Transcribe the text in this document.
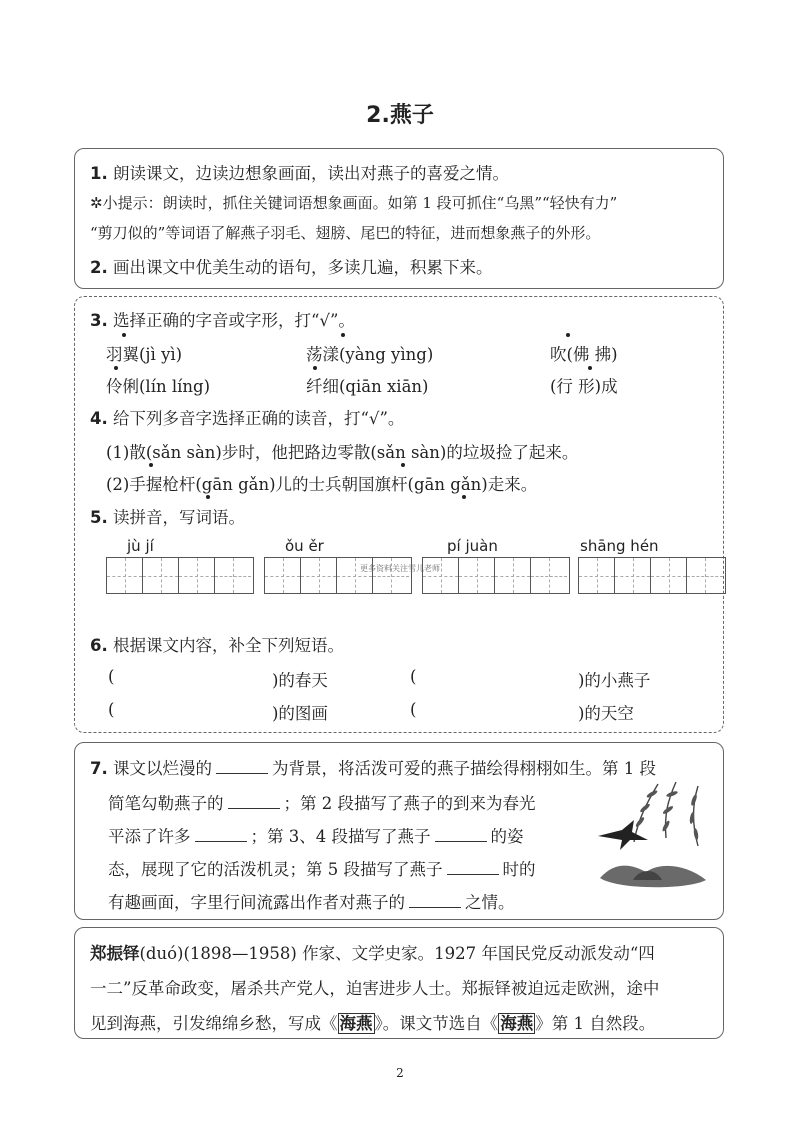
2.燕子
1. 朗读课文，边读边想象画面，读出对燕子的喜爱之情。
✲小提示：朗读时，抓住关键词语想象画面。如第 1 段可抓住“乌黑”“轻快有力”
“剪刀似的”等词语了解燕子羽毛、翅膀、尾巴的特征，进而想象燕子的外形。
2. 画出课文中优美生动的语句，多读几遍，积累下来。
3. 选择正确的字音或字形，打“√”。
羽翼(jì yì)	荡漾(yàng yìng)	吹(佛 拂)
伶俐(lín líng)	纤细(qiān xiān)	(行 形)成
4. 给下列多音字选择正确的读音，打“√”。
(1)散(sǎn sàn)步时，他把路边零散(sǎn sàn)的垃圾捡了起来。
(2)手握枪杆(gān gǎn)儿的士兵朝国旗杆(gān gǎn)走来。
5. 读拼音，写词语。
jù jí	ǒu ěr	pí juàn	shāng hén
更多资料关注雪儿老师
6. 根据课文内容，补全下列短语。
(	)的春天	(	)的小燕子
(	)的图画	(	)的天空
7. 课文以烂漫的	为背景，将活泼可爱的燕子描绘得栩栩如生。第 1 段
简笔勾勒燕子的	；第 2 段描写了燕子的到来为春光
平添了许多	；第 3、4 段描写了燕子	的姿
态，展现了它的活泼机灵；第 5 段描写了燕子	时的
有趣画面，字里行间流露出作者对燕子的	之情。
郑振铎(duó)(1898—1958) 作家、文学史家。1927 年国民党反动派发动“四
一二”反革命政变，屠杀共产党人，迫害进步人士。郑振铎被迫远走欧洲，途中
见到海燕，引发绵绵乡愁，写成《 海燕 》。课文节选自《 海燕 》第 1 自然段。
2
